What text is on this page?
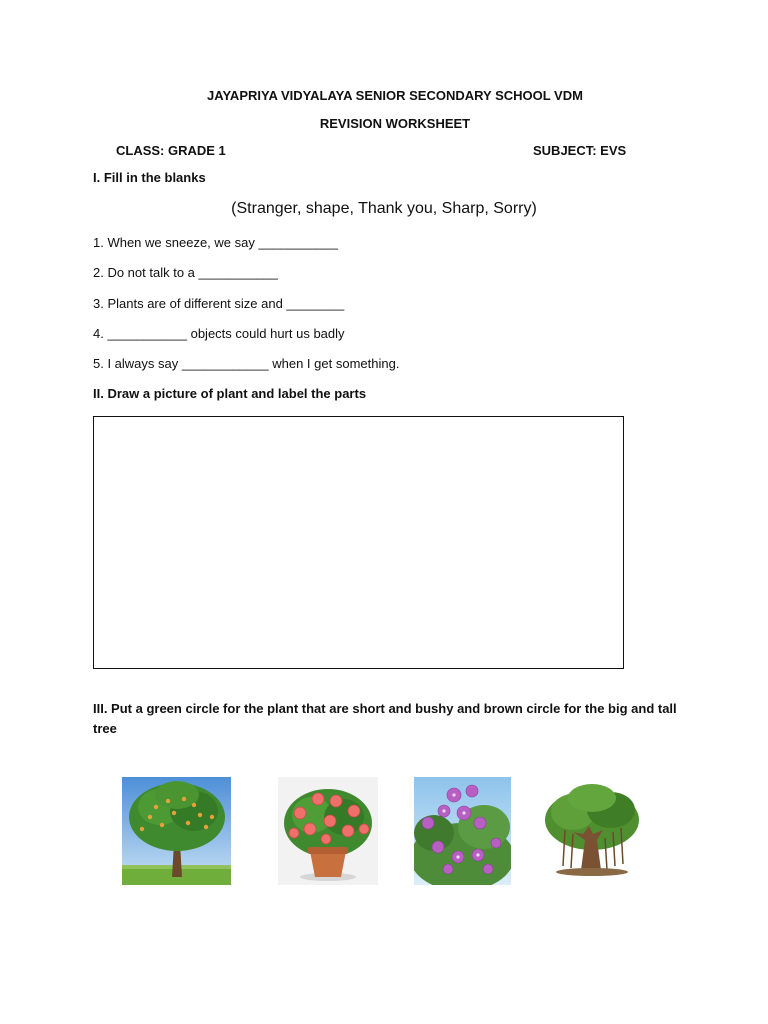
JAYAPRIYA VIDYALAYA SENIOR SECONDARY SCHOOL VDM
REVISION WORKSHEET
CLASS: GRADE 1	SUBJECT: EVS
I. Fill in the blanks
(Stranger, shape, Thank you, Sharp, Sorry)
1. When we sneeze, we say ___________
2. Do not talk to a ___________
3. Plants are of different size and ________
4. ___________ objects could hurt us badly
5. I always say ____________ when I get something.
II. Draw a picture of plant and label the parts
III. Put a green circle for the plant that are short and bushy and brown circle for the big and tall tree
